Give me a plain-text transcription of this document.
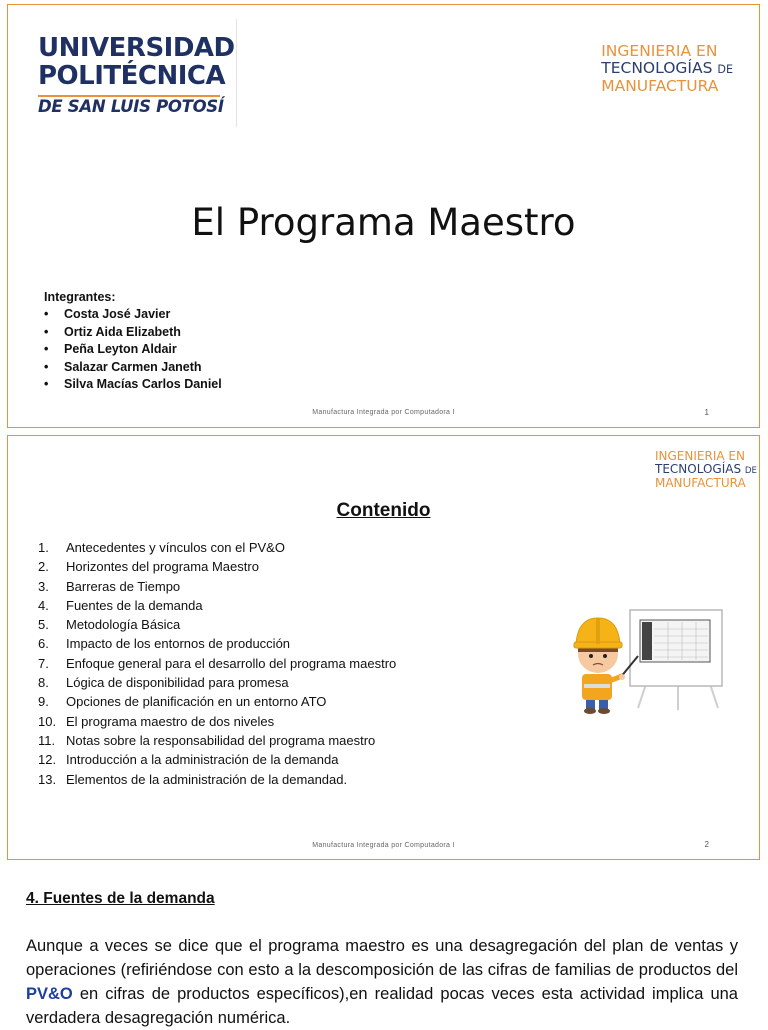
UNIVERSIDAD
POLITÉCNICA
DE SAN LUIS POTOSÍ
INGENIERIA EN
TECNOLOGÍAS DE
MANUFACTURA
El Programa Maestro
Integrantes:
•	Costa José Javier
•	Ortiz Aida Elizabeth
•	Peña Leyton Aldair
•	Salazar Carmen Janeth
•	Silva Macías Carlos Daniel
Manufactura Integrada por Computadora I	1
INGENIERIA EN
TECNOLOGÍAS DE
MANUFACTURA
Contenido
1.	Antecedentes y vínculos con el PV&O
2.	Horizontes del programa Maestro
3.	Barreras de Tiempo
4.	Fuentes de la demanda
5.	Metodología Básica
6.	Impacto de los entornos de producción
7.	Enfoque general para el desarrollo del programa maestro
8.	Lógica de disponibilidad para promesa
9.	Opciones de planificación en un entorno ATO
10. El programa maestro de dos niveles
11. Notas sobre la responsabilidad del programa maestro
12. Introducción a la administración de la demanda
13. Elementos de la administración de la demandad.
Manufactura Integrada por Computadora I	2
4. Fuentes de la demanda
Aunque a veces se dice que el programa maestro es una desagregación del plan de ventas y operaciones (refiriéndose con esto a la descomposición de las cifras de familias de productos del PV&O en cifras de productos específicos),en realidad pocas veces esta actividad implica una verdadera desagregación numérica.
